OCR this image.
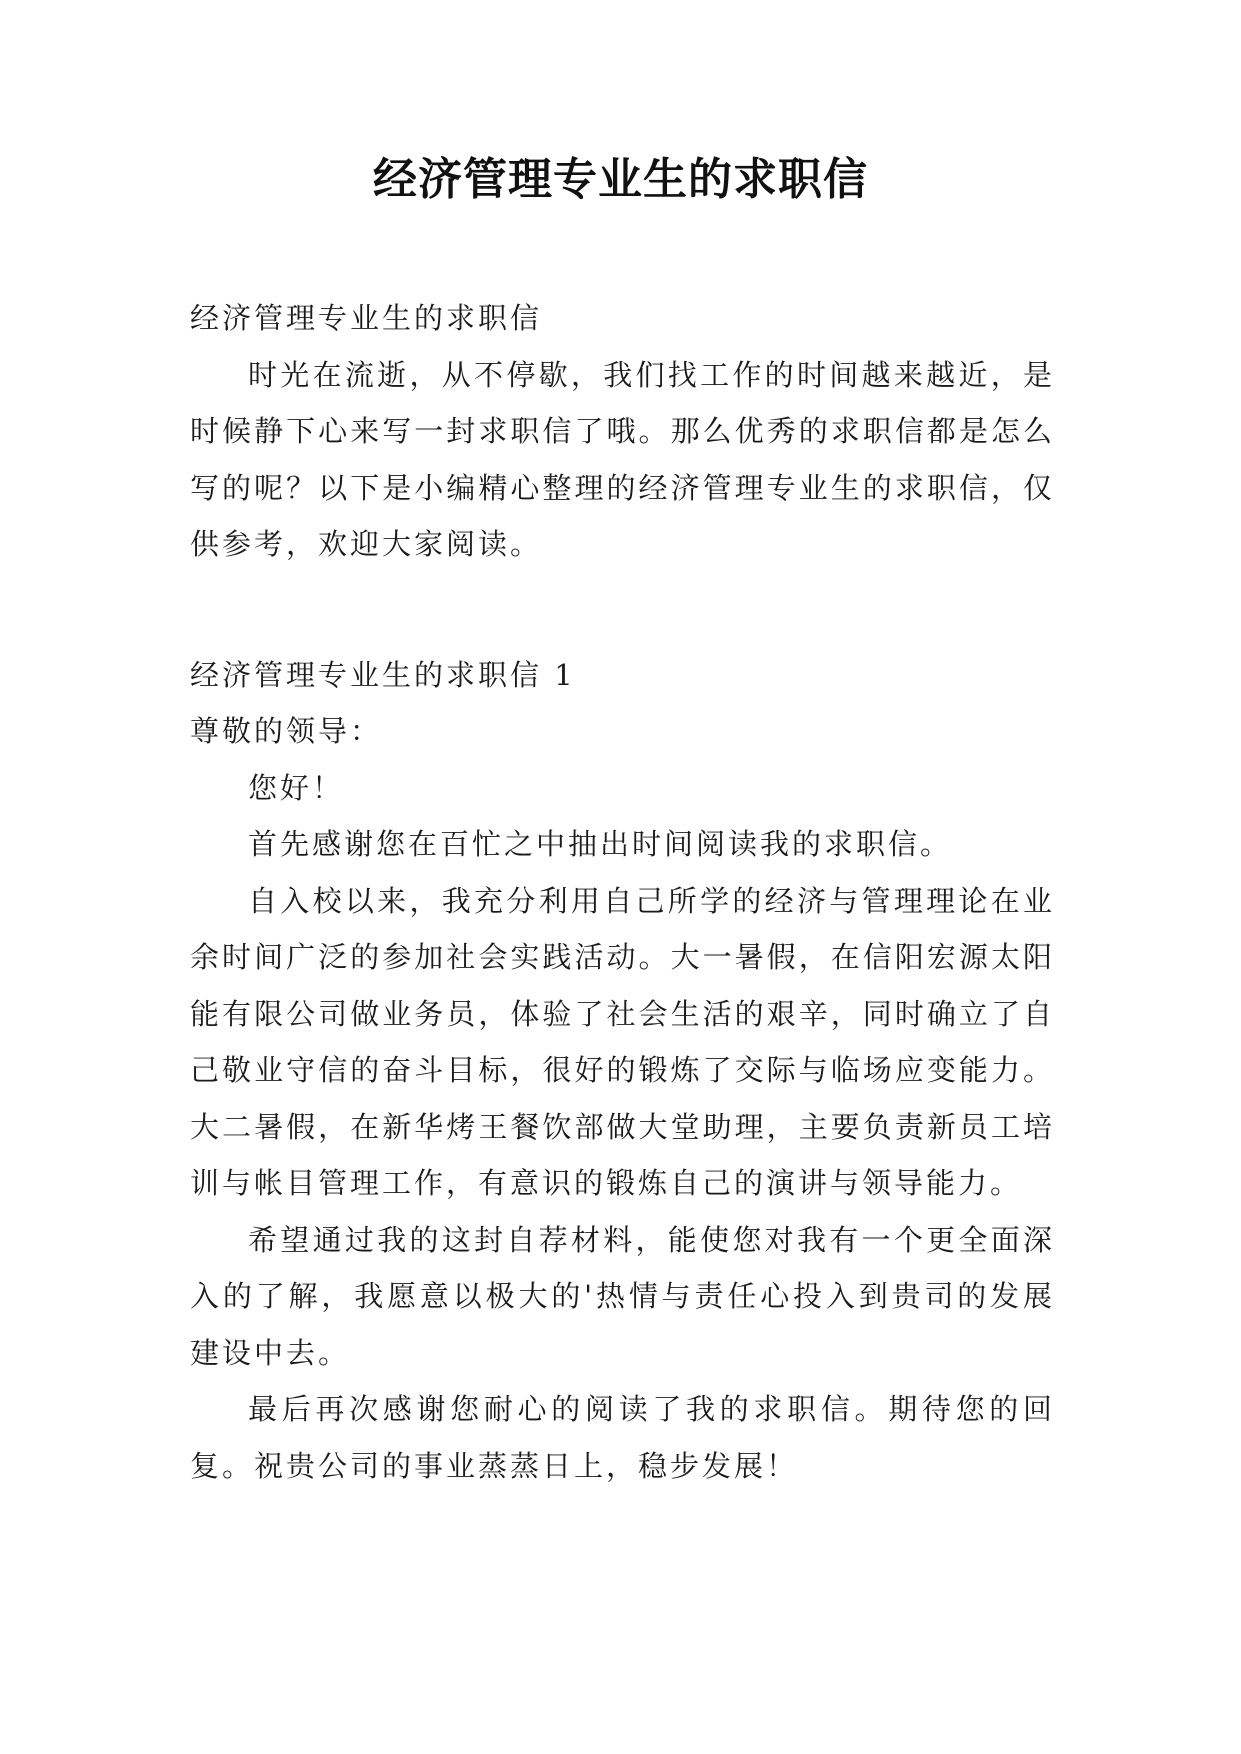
经济管理专业生的求职信

经济管理专业生的求职信

时光在流逝，从不停歇，我们找工作的时间越来越近，是时候静下心来写一封求职信了哦。那么优秀的求职信都是怎么写的呢？以下是小编精心整理的经济管理专业生的求职信，仅供参考，欢迎大家阅读。

经济管理专业生的求职信 1

尊敬的领导：

您好！

首先感谢您在百忙之中抽出时间阅读我的求职信。

自入校以来，我充分利用自己所学的经济与管理理论在业余时间广泛的参加社会实践活动。大一暑假，在信阳宏源太阳能有限公司做业务员，体验了社会生活的艰辛，同时确立了自己敬业守信的奋斗目标，很好的锻炼了交际与临场应变能力。大二暑假，在新华烤王餐饮部做大堂助理，主要负责新员工培训与帐目管理工作，有意识的锻炼自己的演讲与领导能力。

希望通过我的这封自荐材料，能使您对我有一个更全面深入的了解，我愿意以极大的'热情与责任心投入到贵司的发展建设中去。

最后再次感谢您耐心的阅读了我的求职信。期待您的回复。祝贵公司的事业蒸蒸日上，稳步发展！
